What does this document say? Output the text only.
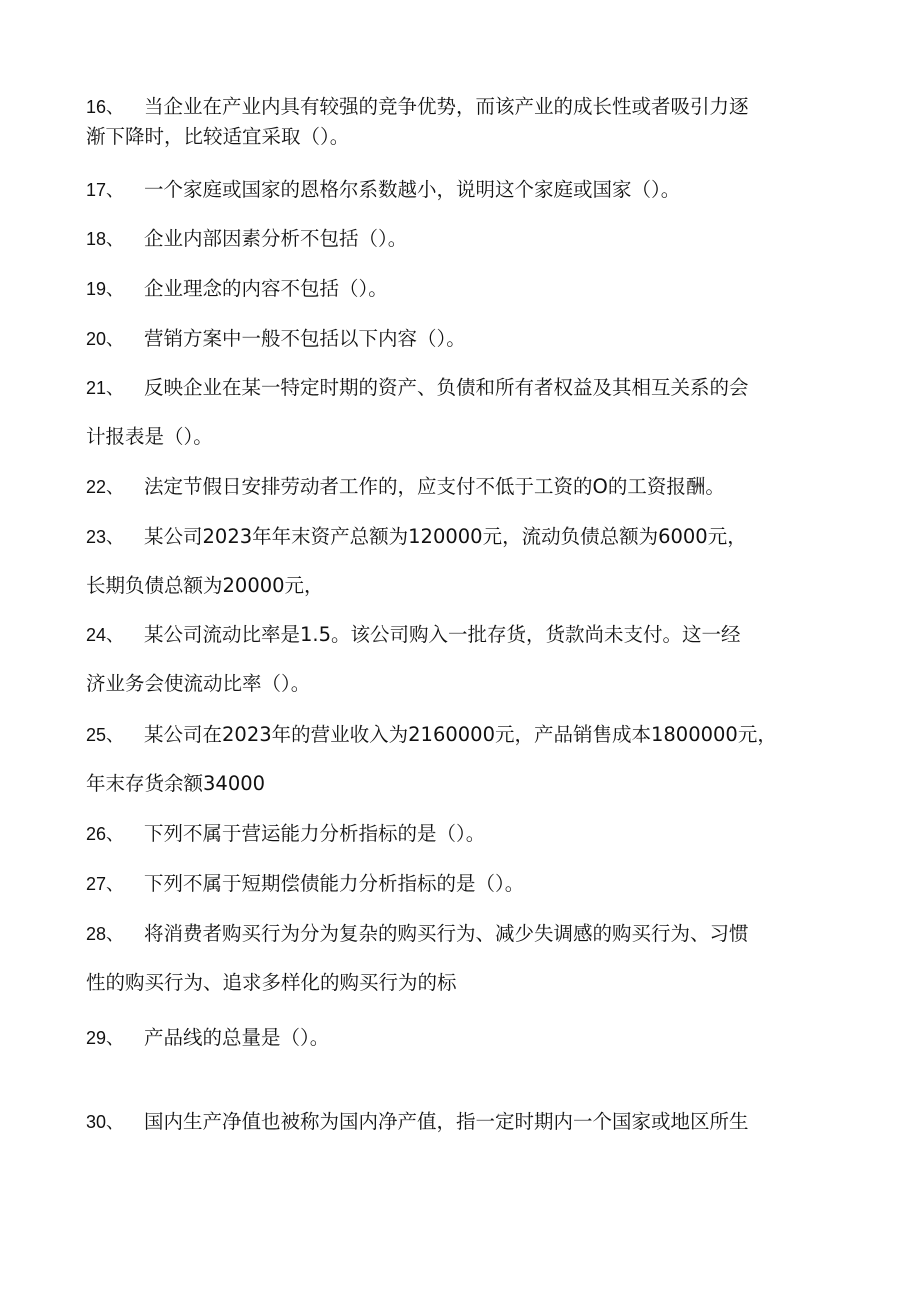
16、 当企业在产业内具有较强的竞争优势，而该产业的成长性或者吸引力逐
渐下降时，比较适宜采取（）。
17、 一个家庭或国家的恩格尔系数越小，说明这个家庭或国家（）。
18、 企业内部因素分析不包括（）。
19、 企业理念的内容不包括（）。
20、 营销方案中一般不包括以下内容（）。
21、 反映企业在某一特定时期的资产、负债和所有者权益及其相互关系的会
计报表是（）。
22、 法定节假日安排劳动者工作的，应支付不低于工资的O的工资报酬。
23、 某公司2023年年末资产总额为120000元，流动负债总额为6000元，
长期负债总额为20000元，
24、 某公司流动比率是1.5。该公司购入一批存货，货款尚未支付。这一经
济业务会使流动比率（）。
25、 某公司在2023年的营业收入为2160000元，产品销售成本1800000元，
年末存货余额34000
26、 下列不属于营运能力分析指标的是（）。
27、 下列不属于短期偿债能力分析指标的是（）。
28、 将消费者购买行为分为复杂的购买行为、减少失调感的购买行为、习惯
性的购买行为、追求多样化的购买行为的标
29、 产品线的总量是（）。
30、 国内生产净值也被称为国内净产值，指一定时期内一个国家或地区所生
